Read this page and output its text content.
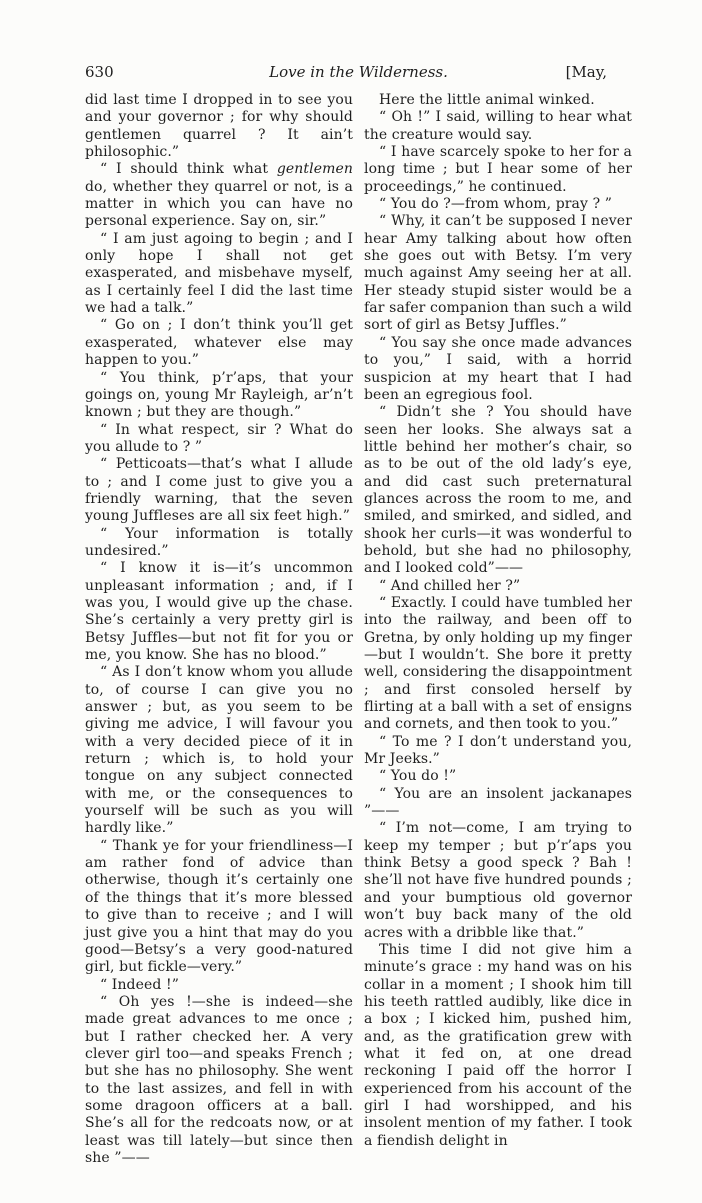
630	Love in the Wilderness.	[May,

did last time I dropped in to see you and your governor ; for why should gentlemen quarrel ? It ain’t philosophic.”

“ I should think what gentlemen do, whether they quarrel or not, is a matter in which you can have no personal experience. Say on, sir.”

“ I am just agoing to begin ; and I only hope I shall not get exasperated, and misbehave myself, as I certainly feel I did the last time we had a talk.”

“ Go on ; I don’t think you’ll get exasperated, whatever else may happen to you.”

“ You think, p’r’aps, that your goings on, young Mr Rayleigh, ar’n’t known ; but they are though.”

“ In what respect, sir ? What do you allude to ? ”

“ Petticoats—that’s what I allude to ; and I come just to give you a friendly warning, that the seven young Juffleses are all six feet high.”

“ Your information is totally undesired.”

“ I know it is—it’s uncommon unpleasant information ; and, if I was you, I would give up the chase. She’s certainly a very pretty girl is Betsy Juffles—but not fit for you or me, you know. She has no blood.”

“ As I don’t know whom you allude to, of course I can give you no answer ; but, as you seem to be giving me advice, I will favour you with a very decided piece of it in return ; which is, to hold your tongue on any subject connected with me, or the consequences to yourself will be such as you will hardly like.”

“ Thank ye for your friendliness—I am rather fond of advice than otherwise, though it’s certainly one of the things that it’s more blessed to give than to receive ; and I will just give you a hint that may do you good—Betsy’s a very good-natured girl, but fickle—very.”

“ Indeed !”

“ Oh yes !—she is indeed—she made great advances to me once ; but I rather checked her. A very clever girl too—and speaks French ; but she has no philosophy. She went to the last assizes, and fell in with some dragoon officers at a ball. She’s all for the redcoats now, or at least was till lately—but since then she ”——

Here the little animal winked.

“ Oh !” I said, willing to hear what the creature would say.

“ I have scarcely spoke to her for a long time ; but I hear some of her proceedings,” he continued.

“ You do ?—from whom, pray ? ”

“ Why, it can’t be supposed I never hear Amy talking about how often she goes out with Betsy. I’m very much against Amy seeing her at all. Her steady stupid sister would be a far safer companion than such a wild sort of girl as Betsy Juffles.”

“ You say she once made advances to you,” I said, with a horrid suspicion at my heart that I had been an egregious fool.

“ Didn’t she ? You should have seen her looks. She always sat a little behind her mother’s chair, so as to be out of the old lady’s eye, and did cast such preternatural glances across the room to me, and smiled, and smirked, and sidled, and shook her curls—it was wonderful to behold, but she had no philosophy, and I looked cold”——

“ And chilled her ?”

“ Exactly. I could have tumbled her into the railway, and been off to Gretna, by only holding up my finger—but I wouldn’t. She bore it pretty well, considering the disappointment ; and first consoled herself by flirting at a ball with a set of ensigns and cornets, and then took to you.”

“ To me ? I don’t understand you, Mr Jeeks.”

“ You do !”

“ You are an insolent jackanapes ”——

“ I’m not—come, I am trying to keep my temper ; but p’r’aps you think Betsy a good speck ? Bah ! she’ll not have five hundred pounds ; and your bumptious old governor won’t buy back many of the old acres with a dribble like that.”

This time I did not give him a minute’s grace : my hand was on his collar in a moment ; I shook him till his teeth rattled audibly, like dice in a box ; I kicked him, pushed him, and, as the gratification grew with what it fed on, at one dread reckoning I paid off the horror I experienced from his account of the girl I had worshipped, and his insolent mention of my father. I took a fiendish delight in
